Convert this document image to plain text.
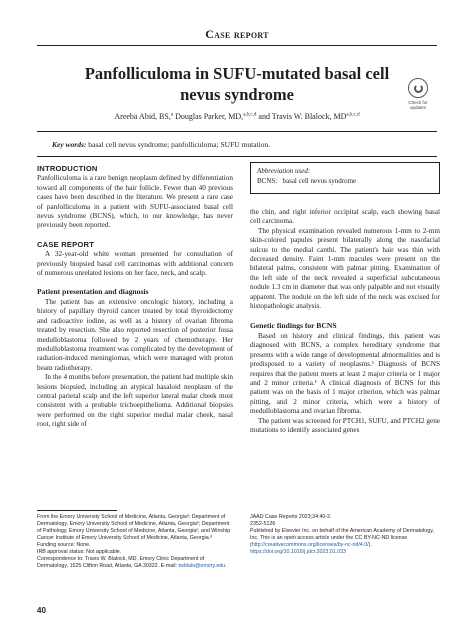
Case report
Panfolliculoma in SUFU-mutated basal cell
nevus syndrome	Check for
updates
Areeba Abid, BS,$^a$ Douglas Parker, MD,$^{a,b,c,d}$ and Travis W. Blalock, MD$^{a,b,c,d}$
Key words: basal cell nevus syndrome; panfolliculoma; SUFU mutation.
INTRODUCTION

Panfolliculoma is a rare benign neoplasm defined by differentiation toward all components of the hair follicle. Fewer than 40 previous cases have been described in the literature. We present a rare case of panfolliculoma in a patient with SUFU-associated basal cell nevus syndrome (BCNS), which, to our knowledge, has never previously been reported.

CASE REPORT

A 32-year-old white woman presented for consultation of previously biopsied basal cell carcinomas with additional concern of numerous unrelated lesions on her face, neck, and scalp.

Patient presentation and diagnosis

The patient has an extensive oncologic history, including a history of papillary thyroid cancer treated by total thyroidectomy and radioactive iodine, as well as a history of ovarian fibroma treated by resection. She also reported resection of posterior fossa medulloblastoma followed by 2 years of chemotherapy. Her medulloblastoma treatment was complicated by the development of radiation-induced meningiomas, which were managed with proton beam radiotherapy.

In the 4 months before presentation, the patient had multiple skin lesions biopsied, including an atypical basaloid neoplasm of the central parietal scalp and the left superior lateral malar cheek most consistent with a probable trichoepithelioma. Additional biopsies were performed on the right superior medial malar cheek, nasal root, right side of

Abbreviation used:
BCNS: basal cell nevus syndrome

the chin, and right inferior occipital scalp, each showing basal cell carcinoma.

The physical examination revealed numerous 1-mm to 2-mm skin-colored papules present bilaterally along the nasofacial sulcus to the medial canthi. The patient's hair was thin with decreased density. Faint 1-mm macules were present on the bilateral palms, consistent with palmar pitting. Examination of the left side of the neck revealed a superficial subcutaneous nodule 1.3 cm in diameter that was only palpable and not visually apparent. The nodule on the left side of the neck was excised for histopathologic analysis.

Genetic findings for BCNS

Based on history and clinical findings, this patient was diagnosed with BCNS, a complex hereditary syndrome that presents with a wide range of developmental abnormalities and is predisposed to a variety of neoplasms.¹ Diagnosis of BCNS requires that the patient meets at least 2 major criteria or 1 major and 2 minor criteria.¹ A clinical diagnosis of BCNS for this patient was on the basis of 1 major criterion, which was palmar pitting, and 2 minor criteria, which were a history of medulloblastoma and ovarian fibroma.

The patient was screened for PTCH1, SUFU, and PTCH2 gene mutations to identify associated genes

From the Emory University School of Medicine, Atlanta, Georgiaᵃ; Department of Dermatology, Emory University School of Medicine, Atlanta, Georgiaᵇ; Department of Pathology, Emory University School of Medicine, Atlanta, Georgiaᶜ; and Winship Cancer Institute of Emory University School of Medicine, Atlanta, Georgia.ᵈ
Funding source: None.
IRB approval status: Not applicable.
Correspondence to: Travis W. Blalock, MD, Emory Clinic Department of Dermatology, 1525 Clifton Road, Atlanta, GA 30322. E-mail: twblalo@emory.edu.
JAAD Case Reports 2023;34:40-2.
2352-5126
Published by Elsevier Inc. on behalf of the American Academy of Dermatology, Inc. This is an open access article under the CC BY-NC-ND license (http://creativecommons.org/licenses/by-nc-nd/4.0/).
https://doi.org/10.1016/j.jdcr.2023.01.033
40
